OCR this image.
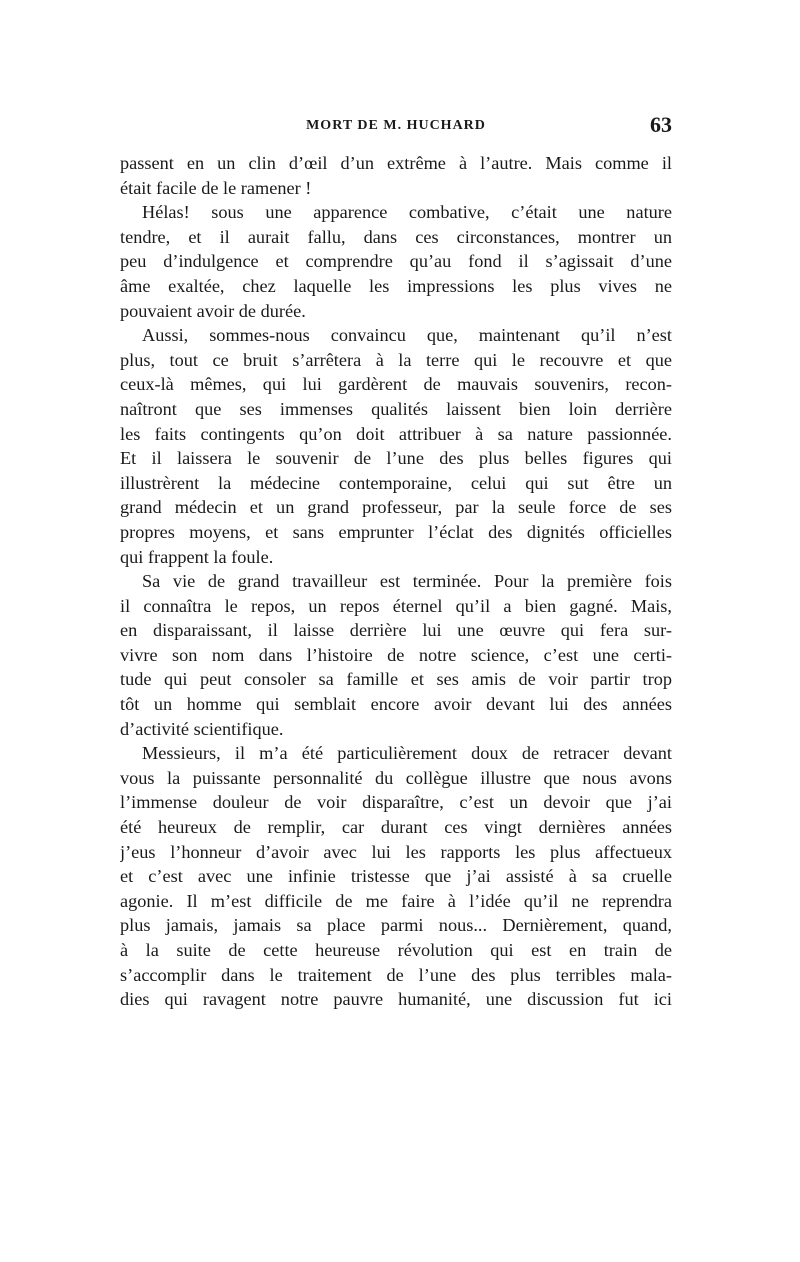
MORT DE M. HUCHARD	63
passent en un clin d’œil d’un extrême à l’autre. Mais comme il
était facile de le ramener !
Hélas! sous une apparence combative, c’était une nature
tendre, et il aurait fallu, dans ces circonstances, montrer un
peu d’indulgence et comprendre qu’au fond il s’agissait d’une
âme exaltée, chez laquelle les impressions les plus vives ne
pouvaient avoir de durée.
Aussi, sommes-nous convaincu que, maintenant qu’il n’est
plus, tout ce bruit s’arrêtera à la terre qui le recouvre et que
ceux-là mêmes, qui lui gardèrent de mauvais souvenirs, recon-
naîtront que ses immenses qualités laissent bien loin derrière
les faits contingents qu’on doit attribuer à sa nature passionnée.
Et il laissera le souvenir de l’une des plus belles figures qui
illustrèrent la médecine contemporaine, celui qui sut être un
grand médecin et un grand professeur, par la seule force de ses
propres moyens, et sans emprunter l’éclat des dignités officielles
qui frappent la foule.
Sa vie de grand travailleur est terminée. Pour la première fois
il connaîtra le repos, un repos éternel qu’il a bien gagné. Mais,
en disparaissant, il laisse derrière lui une œuvre qui fera sur-
vivre son nom dans l’histoire de notre science, c’est une certi-
tude qui peut consoler sa famille et ses amis de voir partir trop
tôt un homme qui semblait encore avoir devant lui des années
d’activité scientifique.
Messieurs, il m’a été particulièrement doux de retracer devant
vous la puissante personnalité du collègue illustre que nous avons
l’immense douleur de voir disparaître, c’est un devoir que j’ai
été heureux de remplir, car durant ces vingt dernières années
j’eus l’honneur d’avoir avec lui les rapports les plus affectueux
et c’est avec une infinie tristesse que j’ai assisté à sa cruelle
agonie. Il m’est difficile de me faire à l’idée qu’il ne reprendra
plus jamais, jamais sa place parmi nous... Dernièrement, quand,
à la suite de cette heureuse révolution qui est en train de
s’accomplir dans le traitement de l’une des plus terribles mala-
dies qui ravagent notre pauvre humanité, une discussion fut ici
